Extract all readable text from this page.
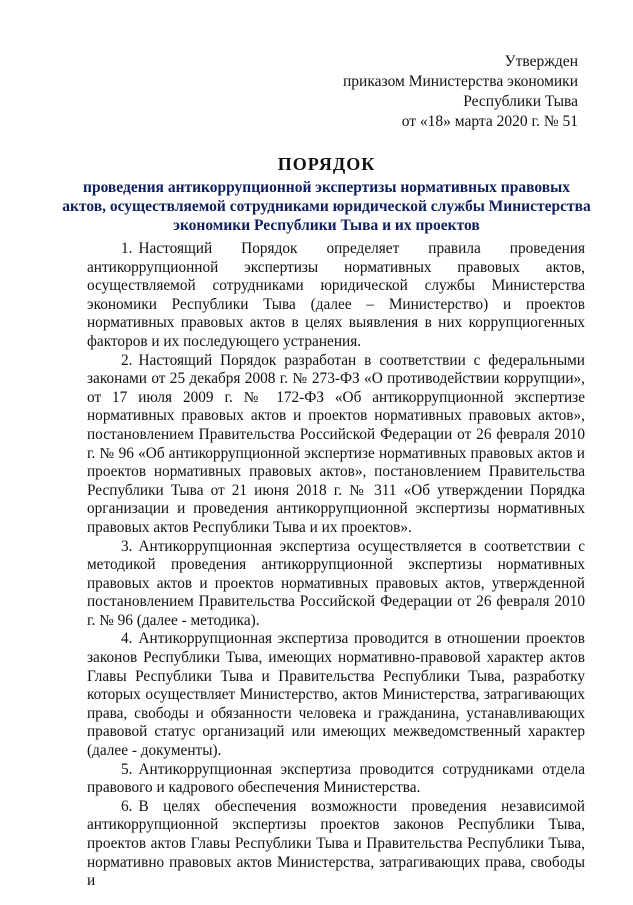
Утвержден
приказом Министерства экономики
Республики Тыва
от «18» марта 2020 г. № 51
ПОРЯДОК
проведения антикоррупционной экспертизы нормативных правовых актов, осуществляемой сотрудниками юридической службы Министерства экономики Республики Тыва и их проектов

1. Настоящий Порядок определяет правила проведения антикоррупционной экспертизы нормативных правовых актов, осуществляемой сотрудниками юридической службы Министерства экономики Республики Тыва (далее – Министерство) и проектов нормативных правовых актов в целях выявления в них коррупциогенных факторов и их последующего устранения.

2. Настоящий Порядок разработан в соответствии с федеральными законами от 25 декабря 2008 г. № 273-ФЗ «О противодействии коррупции», от 17 июля 2009 г. № 172-ФЗ «Об антикоррупционной экспертизе нормативных правовых актов и проектов нормативных правовых актов», постановлением Правительства Российской Федерации от 26 февраля 2010 г. № 96 «Об антикоррупционной экспертизе нормативных правовых актов и проектов нормативных правовых актов», постановлением Правительства Республики Тыва от 21 июня 2018 г. № 311 «Об утверждении Порядка организации и проведения антикоррупционной экспертизы нормативных правовых актов Республики Тыва и их проектов».

3. Антикоррупционная экспертиза осуществляется в соответствии с методикой проведения антикоррупционной экспертизы нормативных правовых актов и проектов нормативных правовых актов, утвержденной постановлением Правительства Российской Федерации от 26 февраля 2010 г. № 96 (далее - методика).

4. Антикоррупционная экспертиза проводится в отношении проектов законов Республики Тыва, имеющих нормативно-правовой характер актов Главы Республики Тыва и Правительства Республики Тыва, разработку которых осуществляет Министерство, актов Министерства, затрагивающих права, свободы и обязанности человека и гражданина, устанавливающих правовой статус организаций или имеющих межведомственный характер (далее - документы).

5. Антикоррупционная экспертиза проводится сотрудниками отдела правового и кадрового обеспечения Министерства.

6. В целях обеспечения возможности проведения независимой антикоррупционной экспертизы проектов законов Республики Тыва, проектов актов Главы Республики Тыва и Правительства Республики Тыва, нормативно правовых актов Министерства, затрагивающих права, свободы и
